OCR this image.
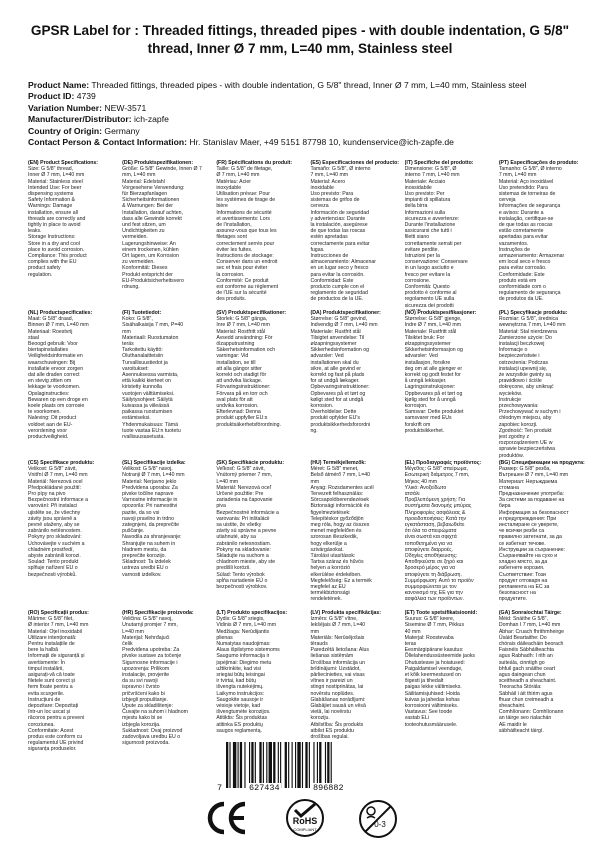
GPSR Label for : Threaded fittings, threaded pipes - with double indentation, G 5/8" thread, Inner Ø 7 mm, L=40 mm, Stainless steel
Product Name: Threaded fittings, threaded pipes - with double indentation, G 5/8" thread, Inner Ø 7 mm, L=40 mm, Stainless steel
Product ID: 4739
Variation Number: NEW-3571
Manufacturer/Distributor: ich-zapfe
Country of Origin: Germany
Contact Person & Contact Information: Hr. Stanislav Maer, +49 5151 87798 10, kundenservice@ich-zapfe.de
(EN) Product Specifications:
Size: G 5/8" thread,
Inner Ø 7 mm, L=40 mm
Material: Stainless steel
Intended Use: For beer
dispensing systems
Safety Information &
Warnings: Damage
installation, ensure all
threads are correctly and
tightly in place to avoid
leaks.
Storage Instructions:
Store in a dry and cool
place to avoid corrosion.
Compliance: This product
complies with the EU
product safety
regulation.
(DE) Produktspezifikationen:
Größe: G 5/8" Gewinde, Innen Ø 7
mm, L=40 mm
Material: Edelstahl
Vorgesehene Verwendung:
für Bierzapfanlagen
Sicherheitsinformationen
& Warnungen: Bei der
Installation, darauf achten,
dass alle Gewinde korrekt
und fest sitzen, um
Undichtigkeiten zu
vermeiden.
Lagerungshinweise: An
einem trockenen, kühlen
Ort lagern, um Korrosion
zu vermeiden.
Konformität: Dieses
Produkt entspricht der
EU-Produktsicherheitsvero
rdnung.
(FR) Spécifications du produit:
Taille: G 5/8" de filetage,
Ø 7 mm, L=40 mm
Matériau: Acier
inoxydable
Utilisation prévue: Pour
les systèmes de tirage de
bière
Informations de sécurité
et avertissements: Lors
de l'installation,
assurez-vous que tous les
filetages sont
correctement serrés pour
éviter les fuites.
Instructions de stockage:
Conserver dans un endroit
sec et frais pour éviter
la corrosion.
Conformité: Ce produit
est conforme au règlement
de l'UE sur la sécurité
des produits.
(ES) Especificaciones del producto:
Tamaño: G 5/8", Ø interno
7 mm, L=40 mm
Material: Acero
inoxidable
Uso previsto: Para
sistemas de grifos de
cerveza
Información de seguridad
y advertencias: Durante
la instalación, asegúrese
de que todas las roscas
estén apretadas
correctamente para evitar
fugas.
Instrucciones de
almacenamiento: Almacenar
en un lugar seco y fresco
para evitar la corrosión.
Conformidad: Este
producto cumple con el
reglamento de seguridad
de productos de la UE.
(IT) Specifiche del prodotto:
Dimensione: G 5/8", Ø
interno 7 mm, L=40 mm
Materiale: Acciaio
inossidabile
Uso previsto: Per
impianti di spillatura
della birra
Informazioni sulla
sicurezza e avvertenze:
Durante l'installazione
assicurarsi che tutti i
filetti siano
correttamente serrati per
evitare perdite.
Istruzioni per la
conservazione: Conservare
in un luogo asciutto e
fresco per evitare la
corrosione.
Conformità: Questo
prodotto è conforme al
regolamento UE sulla
sicurezza dei prodotti

(PT) Especificações do produto:
Tamanho: G 5/8", Ø interno
7 mm, L=40 mm
Material: Aço inoxidável
Uso pretendido: Para
sistemas de torneiras de
cerveja
Informações de segurança
e avisos: Durante a
instalação, certifique-se
de que todas as roscas
estão corretamente
apertadas para evitar
vazamentos.
Instruções de
armazenamento: Armazenar
em local seco e fresco
para evitar corrosão.
Conformidade: Este
produto está em
conformidade com o
regulamento de segurança
de produtos da UE.
(NL) Productspecificaties:
Maat: G 5/8" draad,
Binnen Ø 7 mm, L=40 mm
Materiaal: Roestvrij
staal
Beoogd gebruik: Voor
biertapinstallaties
Veiligheidsinformatie en
waarschuwingen: Bij
installatie ervoor zorgen
dat alle draden correct
en stevig zitten om
lekkage te voorkomen.
Opslaginstructies:
Bewaren op een droge en
koele plaats om corrosie
te voorkomen.
Naleving: Dit product
voldoet aan de EU-
verordening voor
productveiligheid.
(FI) Tuotetiedot:
Koko: G 5/8",
Sisähalkaisija 7 mm, P=40
mm
Materiaali: Ruostumaton
teräs
Tarkoitettu käyttö:
Oluthanalaitteisiin
Turvallisuustiedot ja
varoitukset:
Asennuksessa varmista,
että kaikki kierteet on
kiristetty kunnolla
vuotojen välttämiseksi.
Säilytysohjeet: Säilytä
kuivassa ja viileässä
paikassa ruostumisen
estämiseksi.
Yhdenmukaisuus: Tämä
tuote vastaa EU:n tuotetu
rvallisuusasetusta.
(SV) Produktspecifikationer:
Storlek: G 5/8" gänga,
Inre Ø 7 mm, L=40 mm
Material: Rostfritt stål
Avsedd användning: För
ölzapputrustning
Säkerhetsinformation och
varningar: Vid
installation, se till
att alla gängor sitter
korrekt och stadigt för
att undvika läckage.
Förvaringsinstruktioner:
Förvara på en torr och
sval plats för att
undvika korrosion.
Efterlevnad: Denna
produkt uppfyller EU:s
produktsäkerhetsförordning.
(DA) Produktspecifikationer:
Størrelse: G 5/8" gevind,
Indvendig Ø 7 mm, L=40 mm
Materiale: Rustfrit stål
Tilsigtet anvendelse: Til
ølzapningssystemer
Sikkerhedsinformation og
advarsler: Ved
installationen skal du
sikre, at alle gevind er
korrekt og fast på plads
for at undgå lækager.
Opbevaringsinstruktioner:
Opbevares på et tørt og
køligt sted for at undgå
korrosion.
Overholdelse: Dette
produkt opfylder EU's
produktsikkerhedsforordni
ng.
(NO) Produktspesifikasjoner:
Størrelse: G 5/8" gjenge,
Indre Ø 7 mm, L=40 mm
Materiale: Rustfritt stål
Tilsiktet bruk: For
ølzappingssystemer
Sikkerhetsinformasjon og
advarsler: Ved
installasjon, forsikre
deg om at alle gjenger er
korrekt og godt festet for
å unngå lekkasjer.
Lagringsinstruksjoner:
Oppbevares på et tørt og
kjølig sted for å unngå
korrosjon.
Samsvar: Dette produktet
samsvarer med EUs
forskrift om
produktsikkerhet.
(PL) Specyfikacje produktu:
Rozmiar: G 5/8", średnica
wewnętrzna 7 mm, L=40 mm
Materiał: Stal nierdzewna
Zamierzone użycie: Do
instalacji beczkowej
Informacje o
bezpieczeństwie i
ostrzeżenia: Podczas
instalacji upewnij się,
że wszystkie gwinty są
prawidłowo i ściśle
dokręcone, aby uniknąć
wycieków.
Instrukcje
przechowywania:
Przechowywać w suchym i
chłodnym miejscu, aby
zapobiec korozji.
Zgodność: Ten produkt
jest zgodny z
rozporządzeniem UE w
sprawie bezpieczeństwa
produktów.
(CS) Specifikace produktu:
Velikost: G 5/8" závit,
Vnitřní Ø 7 mm, L=40 mm
Materiál: Nerezová ocel
Předpokládané použití:
Pro pípy na pivo
Bezpečnostní informace a
varování: Při instalaci
ujistěte se, že všechny
závity jsou správně a
pevně utaženy, aby se
zabránilo netěsnostem.
Pokyny pro skladování:
Uchovávejte v suchém a
chladném prostředí,
abyste zabránili korozi.
Soulad: Tento produkt
splňuje nařízení EU o
bezpečnosti výrobků.
(SL) Specifikacije izdelka:
Velikost: G 5/8" navoj,
Notranji Ø 7 mm, L=40 mm
Material: Nerjavno jeklo
Predvidena uporaba: Za
pivske točilne naprave
Varnostne informacije in
opozorila: Pri namestitvi
pazite, da so vsi
navoji pravilno in trdno
zategnjeni, da preprečite
puščanje.
Navodila za shranjevanje:
Shranjujte na suhem in
hladnem mestu, da
preprečite korozijo.
Skladnost: Ta izdelek
ustreza uredbi EU o
varnosti izdelkov.
(SK) Špecifikácie produktu:
Veľkosť: G 5/8" závit,
Vnútorný priemer 7 mm,
L=40 mm
Materiál: Nerezová oceľ
Určené použitie: Pre
zariadenia na čapovanie
piva
Bezpečnostné informácie a
varovania: Pri inštalácii
sa uistite, že všetky
závity sú správne a pevne
utiahnuté, aby sa
zabránilo netesnostiam.
Pokyny na skladovanie:
Skladujte na suchom a
chladnom mieste, aby ste
predišli korózii.
Súlad: Tento výrobok
spĺňa nariadenie EÚ o
bezpečnosti výrobkov.
(HU) Termékjellemzők:
Méret: G 5/8" menet,
Belső átmérő 7 mm, L=40
mm
Anyag: Rozsdamentes acél
Tervezett felhasználás:
Sörcsapolóberendezések
Biztonsági információk és
figyelmeztetések:
Telepítéskor győződjön
meg róla, hogy az összes
menet megfelelően és
szorosan illeszkedik,
hogy elkerülje a
szivárgásokat.
Tárolási utasítások:
Tartsa száraz és hűvös
helyen a korrózió
elkerülése érdekében.
Megfelelőség: Ez a termék
megfelel az EU
termékbiztonsági
rendeletének.
(EL) Προδιαγραφές προϊόντος:
Μέγεθος: G 5/8" σπείρωμα,
Εσωτερική διάμετρος 7 mm,
Μήκος 40 mm
Υλικό: Ανοξείδωτο
ατσάλι
Προβλεπόμενη χρήση: Για
συστήματα διανομής μπύρας
Πληροφορίες ασφάλειας &
προειδοποιήσεις: Κατά την
εγκατάσταση, βεβαιωθείτε
ότι όλα τα σπειρώματα
είναι σωστά και σφιχτά
τοποθετημένα για να
αποφύγετε διαρροές.
Οδηγίες αποθήκευσης:
Αποθηκεύστε σε ξηρό και
δροσερό μέρος για να
αποφύγετε τη διάβρωση.
Συμμόρφωση: Αυτό το προϊόν
συμμορφώνεται με τον
κανονισμό της ΕΕ για την
ασφάλεια των προϊόντων.
(BG) Спецификации на продукта:
Размер: G 5/8" резба,
Вътрешен Ø 7 mm, L=40 mm
Материал: Неръждаема
стомана
Предназначение употреба:
За системи за подаване на
бира
Информация за безопасност
и предупреждения: При
инсталиране се уверете,
че всички резби са
правилно затегнати, за да
се избегнат течове.
Инструкции за съхранение:
Съхранявайте на сухо и
хладно място, за да
избегнете корозия.
Съответствие: Този
продукт отговаря на
регламента на ЕС за
безопасност на
продуктите.
(RO) Specificații produs:
Mărime: G 5/8" filet,
Ø interior 7 mm, L=40 mm
Material: Oțel inoxidabil
Utilizare intenționată:
Pentru instalațiile de
bere la halbă
Informații de siguranță și
avertismente: În
timpul instalării,
asigurați-vă că toate
filetele sunt corect și
ferm fixate pentru a
evita scurgerile.
Instrucțiuni de
depozitare: Depozitați
într-un loc uscat și
răcoros pentru a preveni
coroziunea.
Conformitate: Acest
produs este conform cu
regulamentul UE privind
siguranța produselor.
(HR) Specifikacije proizvoda:
Veličina: G 5/8" navoj,
Unutarnji promjer 7 mm,
L=40 mm
Materijal: Nehrđajući
čelik
Predviđena upotreba: Za
pivske sustave za točenje
Sigurnosne informacije i
upozorenja: Prilikom
instalacije, provjerite
dа su svi navoji
ispravno i čvrsto
pričvršćeni kako bi
izbjegli propuštanje.
Upute za skladištenje:
Čuvajte na suhom i hladnom
mjestu kako bi se
izbjegla korozija.
Sukladnost: Ovaj proizvod
zadovoljava uredbu EU o
sigurnosti proizvoda.
(LT) Produkto specifikacijos:
Dydis: G 5/8" sriegis,
Vidinis Ø 7 mm, L=40 mm
Medžiaga: Nerūdijantis
plienas
Numatytas naudojimas:
Alaus išpilstymo sistemoms
Saugumo informacija ir
įspėjimai: Diegimo metu
užtikrinkite, kad visi
sriegiai būtų teisingai
ir tvirtai, kad būtų
išvengta nutekėjimų.
Laikymo instrukcijos:
Saugokite sausoje ir
vėsioje vietoje, kad
išvengtumėte korozijos.
Atitiktis: Šis produktas
atitinka ES produktų
saugos reglamentą.
(LV) Produkta specifikācijas:
Izmērs: G 5/8" vītne,
Iekšējais Ø 7 mm, L=40
mm
Materiāls: Nerūsējošais
tērauds
Paredzētā lietošana: Alus
liešanas sistēmām
Drošības informācija un
brīdinājumi: Uzstādot,
pārliecinieties, vai visas
vītnes ir pareizi un
stingri nostiprinātas, lai
novērstu noplūdes.
Glabāšanas norādījumi:
Glabājiet sausā un vēsā
vietā, lai novērstu
koroziju.
Atbilstība: Šis produkts
atbilst ES produktu
drošības regulai.
(ET) Toote spetsifikatsioonid:
Suurus: G 5/8" keere,
Sisemine Ø 7 mm, Pikkus
40 mm
Materjal: Roostevaba
teras
Eesmärgipärane kasutus:
Õllelahendussüsteemide jaoks
Ohutusteave ja hoiatused:
Paigaldamisel veenduge,
et kõik keermestused on
õigesti ja tihedalt
paigas lekke vältimiseks.
Säilitamisjuhised: Hoida
kuivas ja jahedas kohas
korrosiooni vältimiseks.
Vastavus: See toode
vastab ELi
tooteohutusmäärusele.
(GA) Sonraíochtaí Táirge:
Méid: Snáithe G 5/8",
Domhan I 7 mm, L=40 mm
Ábhar: Cruach fhrithmheirge
Úsáid Beartaithe: Do
chórais dáileacháin beorach
Faisnéis Sábháilteachta
agus Rabhadh: I rith an
suiteála, cinntigh go
bhfuil gach snáithe ceart
agus daingean chun
sceitheadh a sheachaint.
Treoracha Stórála:
Sábháil i áit thirim agus
fhuar chun creimeadh a
sheachaint.
Comhlíonann: Comhlíonann
an táirge seo rialachán
AE maidir le
sábháilteacht táirgí.
7	627434	896882
RoHS
COMPLIANT
0-3
